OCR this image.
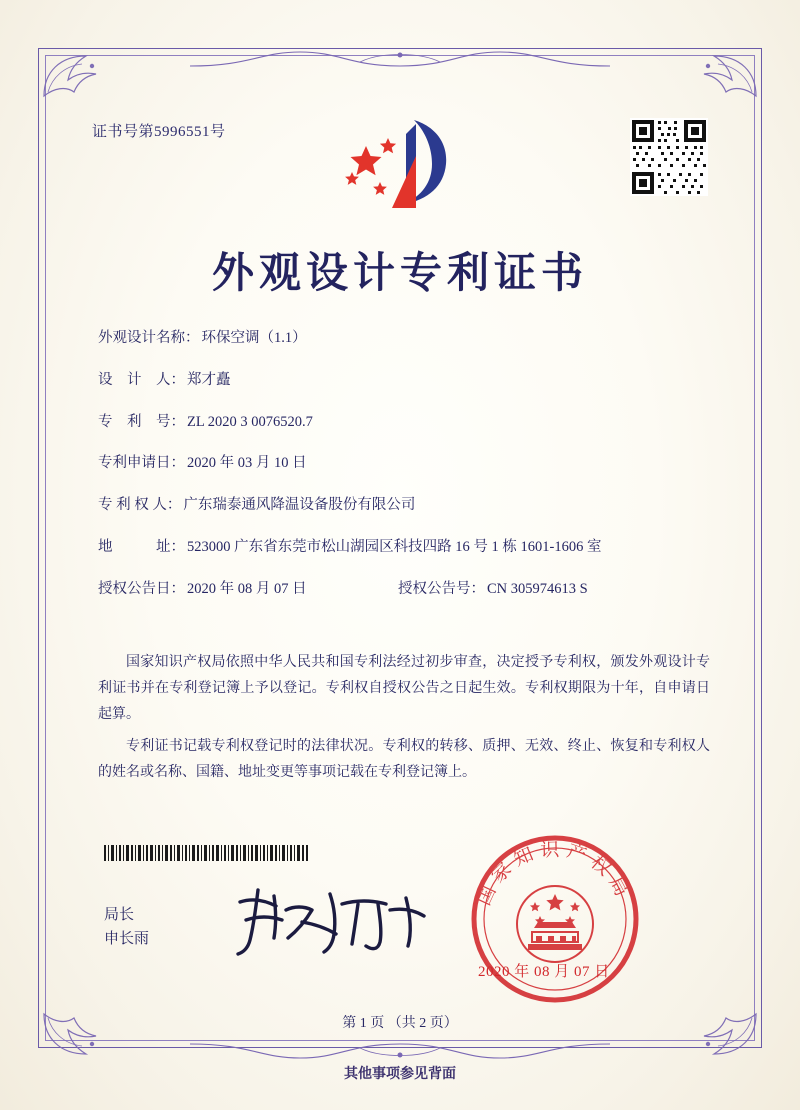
证书号第5996551号
外观设计专利证书
外观设计名称： 环保空调（1.1）
设　计　人： 郑才矗
专　利　号： ZL 2020 3 0076520.7
专利申请日： 2020 年 03 月 10 日
专 利 权 人： 广东瑞泰通风降温设备股份有限公司
地　　　址： 523000 广东省东莞市松山湖园区科技四路 16 号 1 栋 1601-1606 室
授权公告日： 2020 年 08 月 07 日	授权公告号： CN 305974613 S

国家知识产权局依照中华人民共和国专利法经过初步审查，决定授予专利权，颁发外观设计专利证书并在专利登记簿上予以登记。专利权自授权公告之日起生效。专利权期限为十年，自申请日起算。

专利证书记载专利权登记时的法律状况。专利权的转移、质押、无效、终止、恢复和专利权人的姓名或名称、国籍、地址变更等事项记载在专利登记簿上。

局长
申长雨
国家知识产权局
2020 年 08 月 07 日
第 1 页 （共 2 页）
其他事项参见背面
